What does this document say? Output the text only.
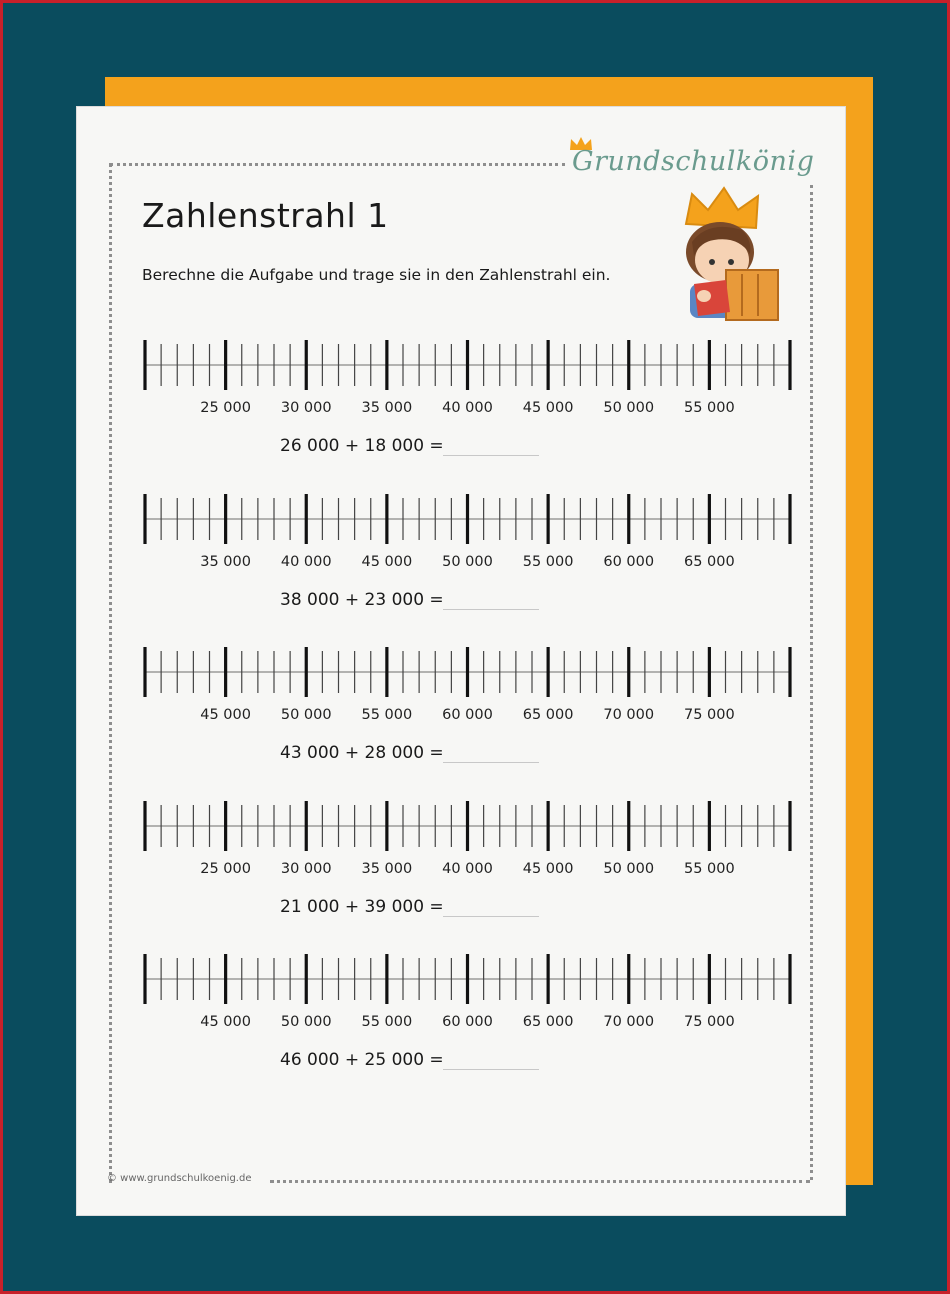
Grundschulkönig
Zahlenstrahl 1
Berechne die Aufgabe und trage sie in den Zahlenstrahl ein.
25 000 30 000 35 000 40 000 45 000 50 000 55 000
26 000 + 18 000 =
35 000 40 000 45 000 50 000 55 000 60 000 65 000
38 000 + 23 000 =
45 000 50 000 55 000 60 000 65 000 70 000 75 000
43 000 + 28 000 =
25 000 30 000 35 000 40 000 45 000 50 000 55 000
21 000 + 39 000 =
45 000 50 000 55 000 60 000 65 000 70 000 75 000
46 000 + 25 000 =
© www.grundschulkoenig.de
